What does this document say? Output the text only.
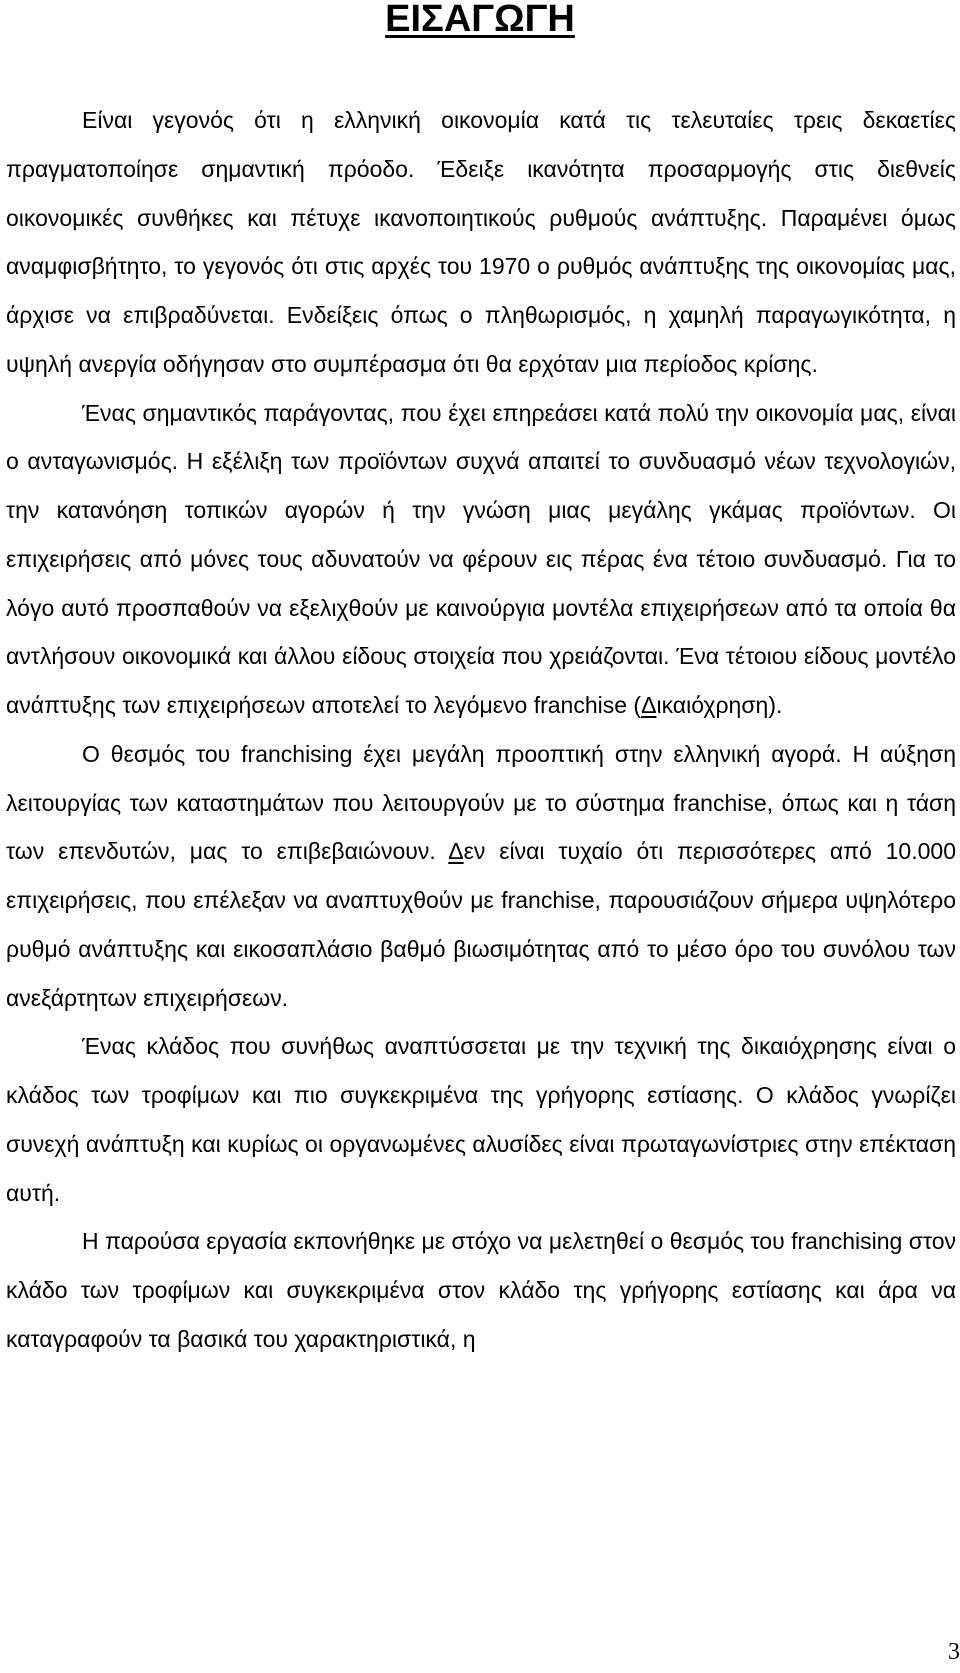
ΕΙΣΑΓΩΓΗ

Είναι γεγονός ότι η ελληνική οικονομία κατά τις τελευταίες τρεις δεκαετίες πραγματοποίησε σημαντική πρόοδο. Έδειξε ικανότητα προσαρμογής στις διεθνείς οικονομικές συνθήκες και πέτυχε ικανοποιητικούς ρυθμούς ανάπτυξης. Παραμένει όμως αναμφισβήτητο, το γεγονός ότι στις αρχές του 1970 ο ρυθμός ανάπτυξης της οικονομίας μας, άρχισε να επιβραδύνεται. Ενδείξεις όπως ο πληθωρισμός, η χαμηλή παραγωγικότητα, η υψηλή ανεργία οδήγησαν στο συμπέρασμα ότι θα ερχόταν μια περίοδος κρίσης.

Ένας σημαντικός παράγοντας, που έχει επηρεάσει κατά πολύ την οικονομία μας, είναι ο ανταγωνισμός. Η εξέλιξη των προϊόντων συχνά απαιτεί το συνδυασμό νέων τεχνολογιών, την κατανόηση τοπικών αγορών ή την γνώση μιας μεγάλης γκάμας προϊόντων. Οι επιχειρήσεις από μόνες τους αδυνατούν να φέρουν εις πέρας ένα τέτοιο συνδυασμό. Για το λόγο αυτό προσπαθούν να εξελιχθούν με καινούργια μοντέλα επιχειρήσεων από τα οποία θα αντλήσουν οικονομικά και άλλου είδους στοιχεία που χρειάζονται. Ένα τέτοιου είδους μοντέλο ανάπτυξης των επιχειρήσεων αποτελεί το λεγόμενο franchise (Δικαιόχρηση).

Ο θεσμός του franchising έχει μεγάλη προοπτική στην ελληνική αγορά. Η αύξηση λειτουργίας των καταστημάτων που λειτουργούν με το σύστημα franchise, όπως και η τάση των επενδυτών, μας το επιβεβαιώνουν. Δεν είναι τυχαίο ότι περισσότερες από 10.000 επιχειρήσεις, που επέλεξαν να αναπτυχθούν με franchise, παρουσιάζουν σήμερα υψηλότερο ρυθμό ανάπτυξης και εικοσαπλάσιο βαθμό βιωσιμότητας από το μέσο όρο του συνόλου των ανεξάρτητων επιχειρήσεων.

Ένας κλάδος που συνήθως αναπτύσσεται με την τεχνική της δικαιόχρησης είναι ο κλάδος των τροφίμων και πιο συγκεκριμένα της γρήγορης εστίασης. Ο κλάδος γνωρίζει συνεχή ανάπτυξη και κυρίως οι οργανωμένες αλυσίδες είναι πρωταγωνίστριες στην επέκταση αυτή.

Η παρούσα εργασία εκπονήθηκε με στόχο να μελετηθεί ο θεσμός του franchising στον κλάδο των τροφίμων και συγκεκριμένα στον κλάδο της γρήγορης εστίασης και άρα να καταγραφούν τα βασικά του χαρακτηριστικά, η

3
